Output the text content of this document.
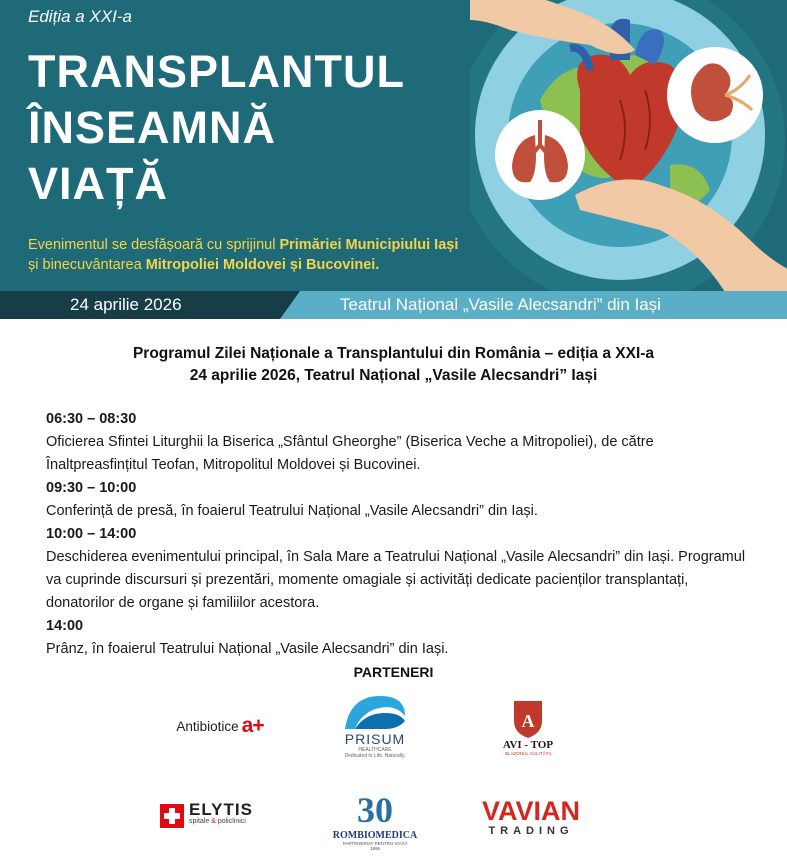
Ediția a XXI-a
TRANSPLANTUL
ÎNSEAMNĂ
VIAȚĂ
Evenimentul se desfășoară cu sprijinul Primăriei Municipiului Iași
și binecuvântarea Mitropoliei Moldovei și Bucovinei.
24 aprilie 2026	Teatrul Național „Vasile Alecsandri” din Iași
Programul Zilei Naționale a Transplantului din România – ediția a XXI-a
24 aprilie 2026, Teatrul Național „Vasile Alecsandri” Iași
06:30 – 08:30
Oficierea Sfintei Liturghii la Biserica „Sfântul Gheorghe” (Biserica Veche a Mitropoliei), de către Înaltpreasfințitul Teofan, Mitropolitul Moldovei și Bucovinei.
09:30 – 10:00
Conferință de presă, în foaierul Teatrului Național „Vasile Alecsandri” din Iași.
10:00 – 14:00
Deschiderea evenimentului principal, în Sala Mare a Teatrului Național „Vasile Alecsandri” din Iași. Programul va cuprinde discursuri și prezentări, momente omagiale și activități dedicate pacienților transplantați, donatorilor de organe și familiilor acestora.
14:00
Prânz, în foaierul Teatrului Național „Vasile Alecsandri” din Iași.
PARTENERI
Antibiotice a+
PRISUM
HEALTHCARE
Dedicated to Life. Naturally.
A
AVI - TOP
BLAZONUL CALITĂȚII
ELYTIS
spitale & policlinici	30
ROMBIOMEDICA
PARTENERIAT PENTRU VIAȚĂ
1996
VAVIAN
TRADING
